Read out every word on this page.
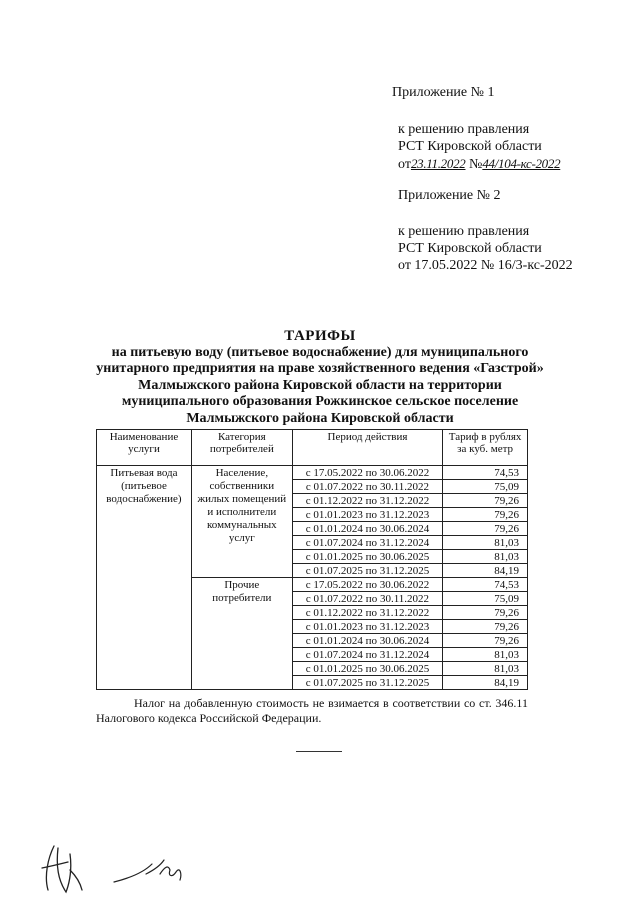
Приложение № 1
к решению правления
РСТ Кировской области
от23.11.2022 №44/104-кс-2022
Приложение № 2
к решению правления
РСТ Кировской области
от 17.05.2022 № 16/3-кс-2022
ТАРИФЫ
на питьевую воду (питьевое водоснабжение) для муниципального
унитарного предприятия на праве хозяйственного ведения «Газстрой»
Малмыжского района Кировской области на территории
муниципального образования Рожкинское сельское поселение
Малмыжского района Кировской области
Наименование услуги	Категория потребителей	Период действия	Тариф в рублях за куб. метр
Питьевая вода (питьевое водоснабжение)	Население, собственники жилых помещений и исполнители коммунальных услуг	с 17.05.2022 по 30.06.2022	74,53
		с 01.07.2022 по 30.11.2022	75,09
		с 01.12.2022 по 31.12.2022	79,26
		с 01.01.2023 по 31.12.2023	79,26
		с 01.01.2024 по 30.06.2024	79,26
		с 01.07.2024 по 31.12.2024	81,03
		с 01.01.2025 по 30.06.2025	81,03
		с 01.07.2025 по 31.12.2025	84,19
	Прочие потребители	с 17.05.2022 по 30.06.2022	74,53
		с 01.07.2022 по 30.11.2022	75,09
		с 01.12.2022 по 31.12.2022	79,26
		с 01.01.2023 по 31.12.2023	79,26
		с 01.01.2024 по 30.06.2024	79,26
		с 01.07.2024 по 31.12.2024	81,03
		с 01.01.2025 по 30.06.2025	81,03
		с 01.07.2025 по 31.12.2025	84,19
Налог на добавленную стоимость не взимается в соответствии со ст. 346.11
Налогового кодекса Российской Федерации.
